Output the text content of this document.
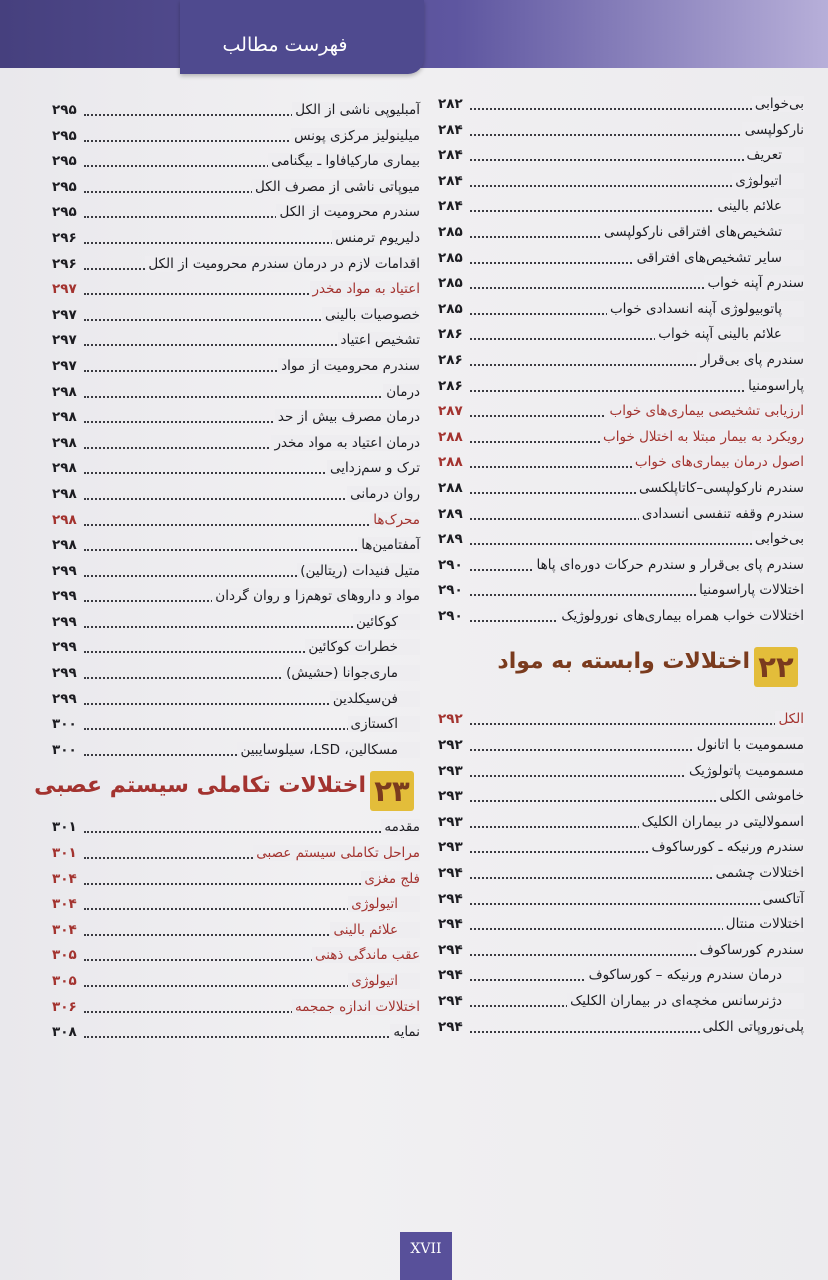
فهرست مطالب
بی‌خوابی
۲۸۲
نارکولپسی
۲۸۴
تعریف
۲۸۴
اتیولوژی
۲۸۴
علائم بالینی
۲۸۴
تشخیص‌های افتراقی نارکولپسی
۲۸۵
سایر تشخیص‌های افتراقی
۲۸۵
سندرم آپنه خواب
۲۸۵
پاتوبیولوژی آپنه انسدادی خواب
۲۸۵
علائم بالینی آپنه خواب
۲۸۶
سندرم پای بی‌قرار
۲۸۶
پاراسومنیا
۲۸۶
ارزیابی تشخیصی بیماری‌های خواب
۲۸۷
رویکرد به بیمار مبتلا به اختلال خواب
۲۸۸
اصول درمان بیماری‌های خواب
۲۸۸
سندرم نارکولپسی–کاتاپلکسی
۲۸۸
سندرم وقفه تنفسی انسدادی
۲۸۹
بی‌خوابی
۲۸۹
سندرم پای بی‌قرار و سندرم حرکات دوره‌ای پاها
۲۹۰
اختلالات پاراسومنیا
۲۹۰
اختلالات خواب همراه بیماری‌های نورولوژیک
۲۹۰
۲۲
اختلالات وابسته به مواد
الکل
۲۹۲
مسمومیت با اتانول
۲۹۲
مسمومیت پاتولوژیک
۲۹۳
خاموشی الکلی
۲۹۳
اسمولالیتی در بیماران الکلیک
۲۹۳
سندرم ورنیکه ـ کورساکوف
۲۹۳
اختلالات چشمی
۲۹۴
آتاکسی
۲۹۴
اختلالات منتال
۲۹۴
سندرم کورساکوف
۲۹۴
درمان سندرم ورنیکه – کورساکوف
۲۹۴
دژنرسانس مخچه‌ای در بیماران الکلیک
۲۹۴
پلی‌نوروپاتی الکلی
۲۹۴
آمبلیوپی ناشی از الکل
۲۹۵
میلینولیز مرکزی پونس
۲۹۵
بیماری مارکیافاوا ـ بیگنامی
۲۹۵
میوپاتی ناشی از مصرف الکل
۲۹۵
سندرم محرومیت از الکل
۲۹۵
دلیریوم ترمنس
۲۹۶
اقدامات لازم در درمان سندرم محرومیت از الکل
۲۹۶
اعتیاد به مواد مخدر
۲۹۷
خصوصیات بالینی
۲۹۷
تشخیص اعتیاد
۲۹۷
سندرم محرومیت از مواد
۲۹۷
درمان
۲۹۸
درمان مصرف بیش از حد
۲۹۸
درمان اعتیاد به مواد مخدر
۲۹۸
ترک و سم‌زدایی
۲۹۸
روان درمانی
۲۹۸
محرک‌ها
۲۹۸
آمفتامین‌ها
۲۹۸
متیل فنیدات (ریتالین)
۲۹۹
مواد و داروهای توهم‌زا و روان گردان
۲۹۹
کوکائین
۲۹۹
خطرات کوکائین
۲۹۹
ماری‌جوانا (حشیش)
۲۹۹
فن‌سیکلدین
۲۹۹
اکستازی
۳۰۰
مسکالین، LSD، سیلوسایبین
۳۰۰
۲۳
اختلالات تکاملی سیستم عصبی
مقدمه
۳۰۱
مراحل تکاملی سیستم عصبی
۳۰۱
فلج مغزی
۳۰۴
اتیولوژی
۳۰۴
علائم بالینی
۳۰۴
عقب ماندگی ذهنی
۳۰۵
اتیولوژی
۳۰۵
اختلالات اندازه جمجمه
۳۰۶
نمایه
۳۰۸
XVII
